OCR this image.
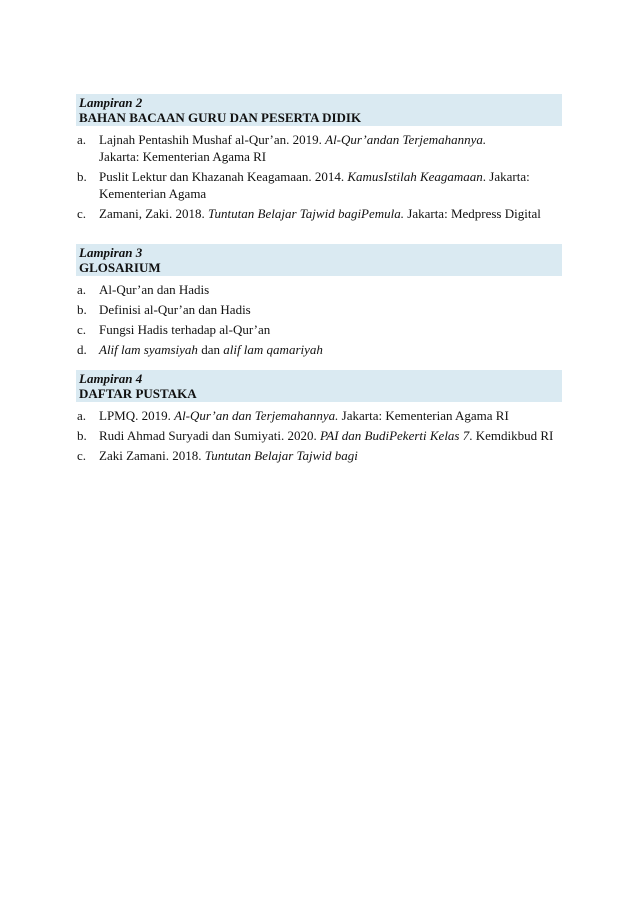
Lampiran 2
BAHAN BACAAN GURU DAN PESERTA DIDIK
a. Lajnah Pentashih Mushaf al-Qur’an. 2019. Al-Qur’andan Terjemahannya.
Jakarta: Kementerian Agama RI
b. Puslit Lektur dan Khazanah Keagamaan. 2014. KamusIstilah Keagamaan. Jakarta:
Kementerian Agama
c. Zamani, Zaki. 2018. Tuntutan Belajar Tajwid bagiPemula. Jakarta: Medpress Digital
Lampiran 3
GLOSARIUM
a. Al-Qur’an dan Hadis
b. Definisi al-Qur’an dan Hadis
c. Fungsi Hadis terhadap al-Qur’an
d. Alif lam syamsiyah dan alif lam qamariyah
Lampiran 4
DAFTAR PUSTAKA
a. LPMQ. 2019. Al-Qur’an dan Terjemahannya. Jakarta: Kementerian Agama RI
b. Rudi Ahmad Suryadi dan Sumiyati. 2020. PAI dan BudiPekerti Kelas 7. Kemdikbud RI
c. Zaki Zamani. 2018. Tuntutan Belajar Tajwid bagi
